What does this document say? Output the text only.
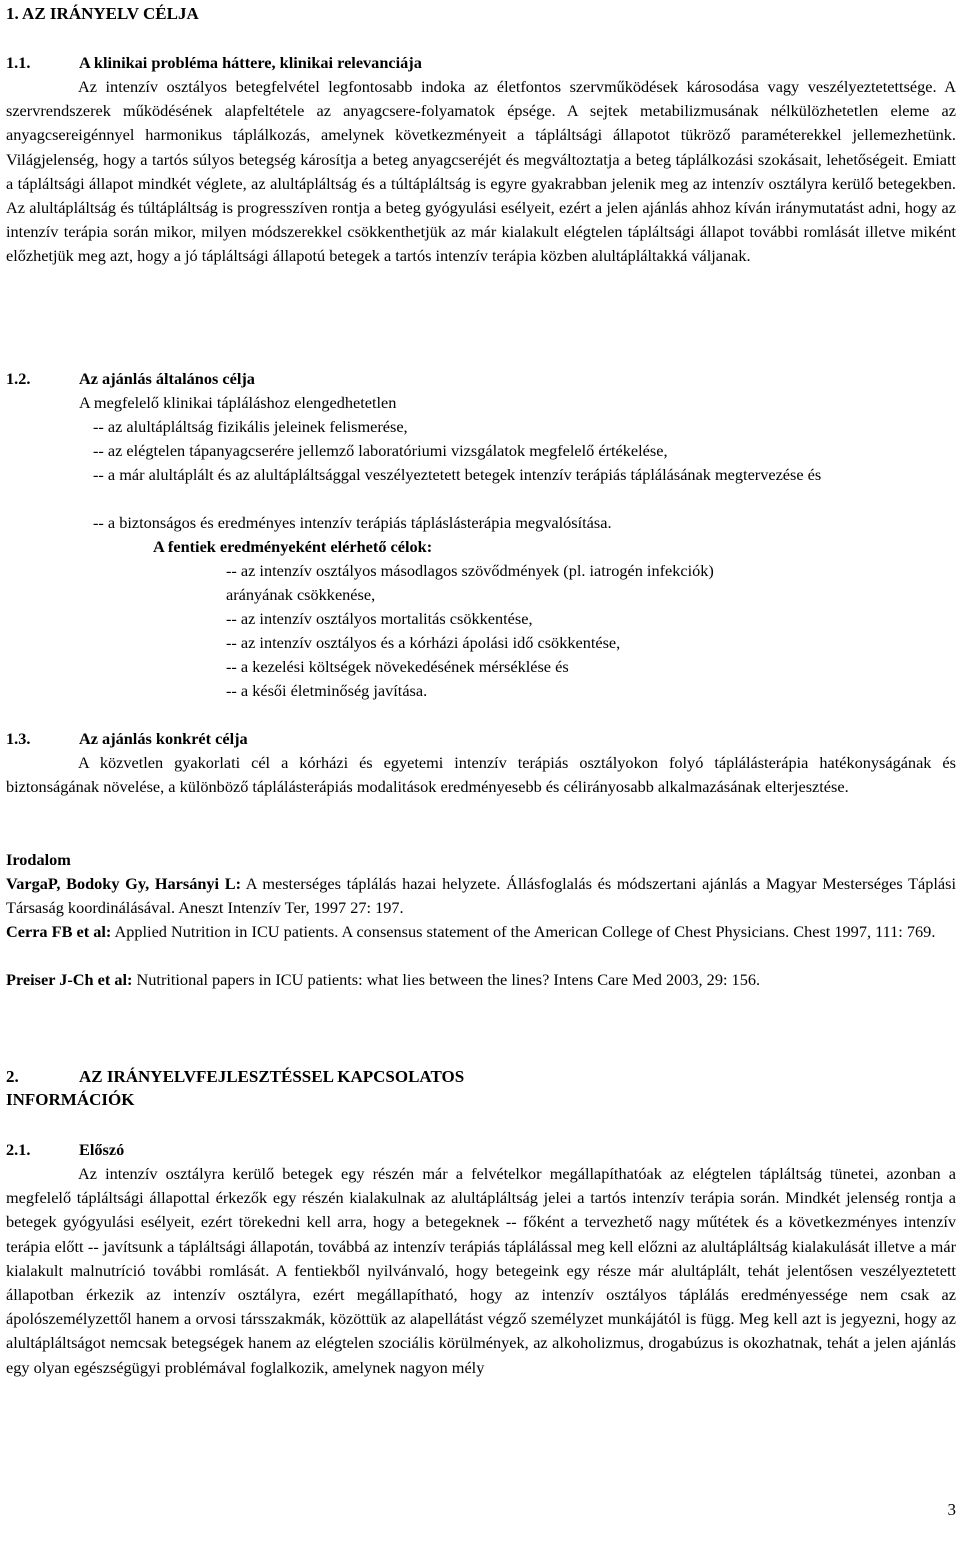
1. AZ IRÁNYELV CÉLJA
1.1.	A klinikai probléma háttere, klinikai relevanciája
Az intenzív osztályos betegfelvétel legfontosabb indoka az életfontos szervműködések károsodása vagy veszélyeztetettsége. A szervrendszerek működésének alapfeltétele az anyagcsere-folyamatok épsége. A sejtek metabilizmusának nélkülözhetetlen eleme az anyagcsereigénnyel harmonikus táplálkozás, amelynek következményeit a tápláltsági állapotot tükröző paraméterekkel jellemezhetünk. Világjelenség, hogy a tartós súlyos betegség károsítja a beteg anyagcseréjét és megváltoztatja a beteg táplálkozási szokásait, lehetőségeit. Emiatt a tápláltsági állapot mindkét véglete, az alultápláltság és a túltápláltság is egyre gyakrabban jelenik meg az intenzív osztályra kerülő betegekben. Az alultápláltság és túltápláltság is progresszíven rontja a beteg gyógyulási esélyeit, ezért a jelen ajánlás ahhoz kíván iránymutatást adni, hogy az intenzív terápia során mikor, milyen módszerekkel csökkenthetjük az már kialakult elégtelen tápláltsági állapot további romlását illetve miként előzhetjük meg azt, hogy a jó tápláltsági állapotú betegek a tartós intenzív terápia közben alultápláltakká váljanak.
1.2.	Az ajánlás általános célja
A megfelelő klinikai tápláláshoz elengedhetetlen
-- az alultápláltság fizikális jeleinek felismerése,
-- az elégtelen tápanyagcserére jellemző laboratóriumi vizsgálatok megfelelő értékelése,
-- a már alultáplált és az alultápláltsággal veszélyeztetett betegek intenzív terápiás táplálásának megtervezése és
-- a biztonságos és eredményes intenzív terápiás tápláslásterápia megvalósítása.
A fentiek eredményeként elérhető célok:
-- az intenzív osztályos másodlagos szövődmények (pl. iatrogén infekciók) arányának csökkenése,
-- az intenzív osztályos mortalitás csökkentése,
-- az intenzív osztályos és a kórházi ápolási idő csökkentése,
-- a kezelési költségek növekedésének mérséklése és
-- a késői életminőség javítása.
1.3.	Az ajánlás konkrét célja
A közvetlen gyakorlati cél a kórházi és egyetemi intenzív terápiás osztályokon folyó táplálásterápia hatékonyságának és biztonságának növelése, a különböző táplálásterápiás modalitások eredményesebb és célirányosabb alkalmazásának elterjesztése.
Irodalom
VargaP, Bodoky Gy, Harsányi L: A mesterséges táplálás hazai helyzete. Állásfoglalás és módszertani ajánlás a Magyar Mesterséges Táplási Társaság koordinálásával. Aneszt Intenzív Ter, 1997 27: 197.
Cerra FB et al: Applied Nutrition in ICU patients. A consensus statement of the American College of Chest Physicians. Chest 1997, 111: 769.
Preiser J-Ch et al: Nutritional papers in ICU patients: what lies between the lines? Intens Care Med 2003, 29: 156.
2.	AZ IRÁNYELVFEJLESZTÉSSEL KAPCSOLATOS
INFORMÁCIÓK
2.1.	Előszó
Az intenzív osztályra kerülő betegek egy részén már a felvételkor megállapíthatóak az elégtelen tápláltság tünetei, azonban a megfelelő tápláltsági állapottal érkezők egy részén kialakulnak az alultápláltság jelei a tartós intenzív terápia során. Mindkét jelenség rontja a betegek gyógyulási esélyeit, ezért törekedni kell arra, hogy a betegeknek -- főként a tervezhető nagy műtétek és a következményes intenzív terápia előtt -- javítsunk a tápláltsági állapotán, továbbá az intenzív terápiás táplálással meg kell előzni az alultápláltság kialakulását illetve a már kialakult malnutríció további romlását. A fentiekből nyilvánvaló, hogy betegeink egy része már alultáplált, tehát jelentősen veszélyeztetett állapotban érkezik az intenzív osztályra, ezért megállapítható, hogy az intenzív osztályos táplálás eredményessége nem csak az ápolószemélyzettől hanem a orvosi társszakmák, közöttük az alapellátást végző személyzet munkájától is függ. Meg kell azt is jegyezni, hogy az alultápláltságot nemcsak betegségek hanem az elégtelen szociális körülmények, az alkoholizmus, drogabúzus is okozhatnak, tehát a jelen ajánlás egy olyan egészségügyi problémával foglalkozik, amelynek nagyon mély
3
